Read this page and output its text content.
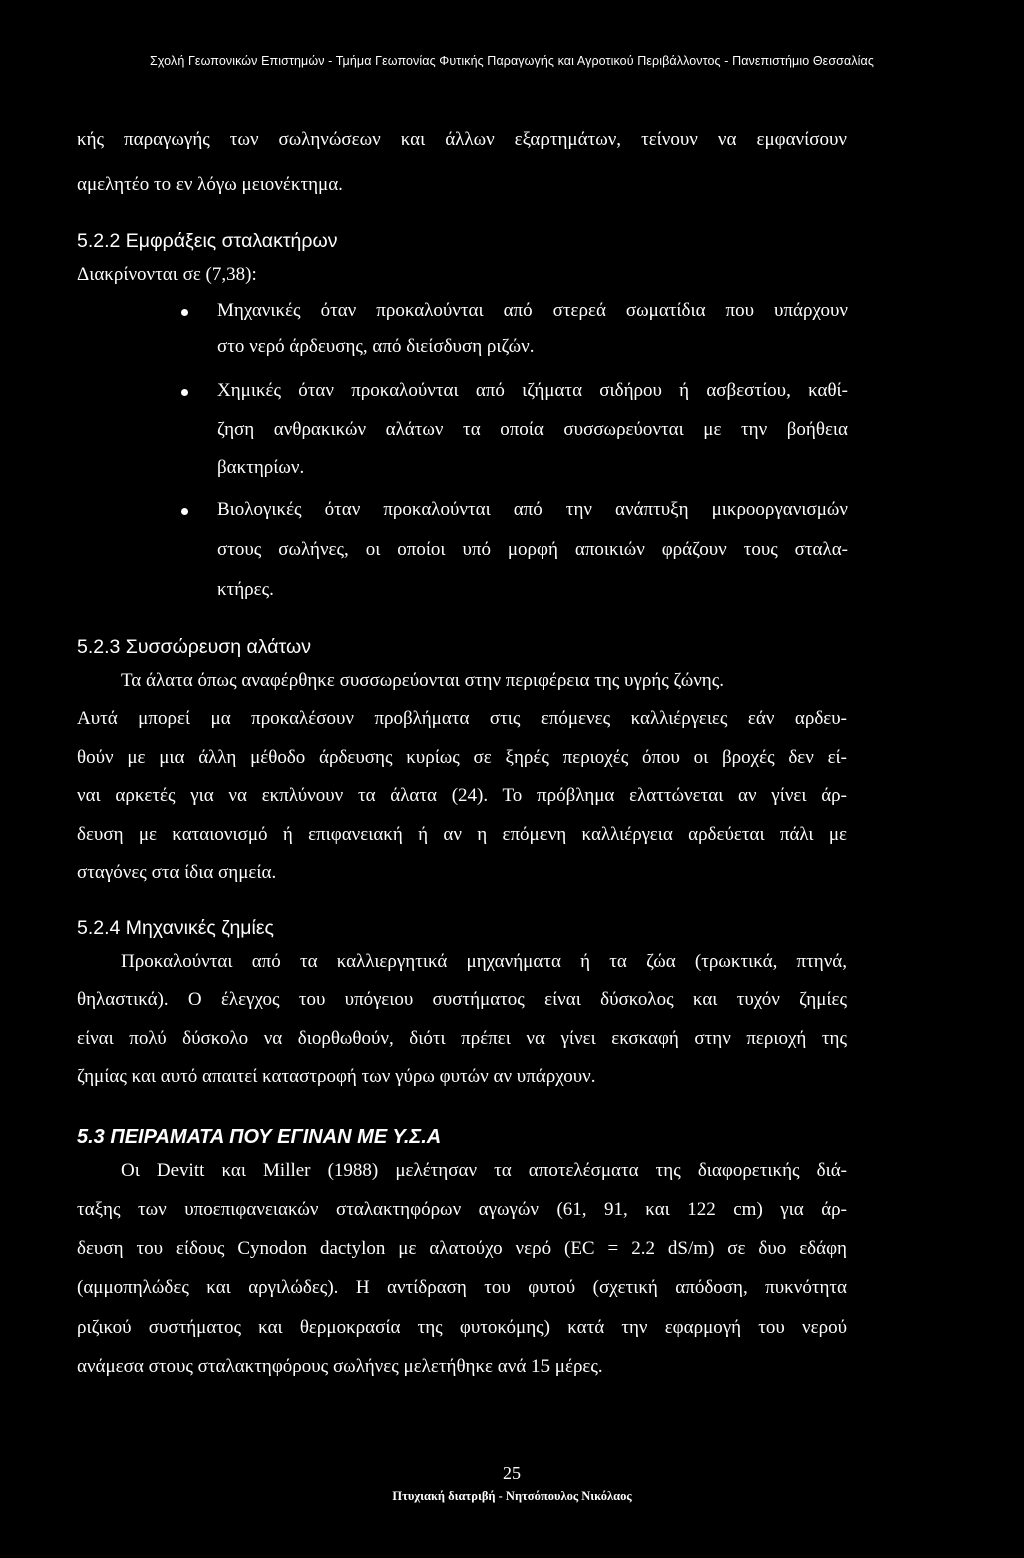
Σχολή Γεωπονικών Επιστημών - Τμήμα Γεωπονίας Φυτικής Παραγωγής και Αγροτικού Περιβάλλοντος - Πανεπιστήμιο Θεσσαλίας
κής παραγωγής των σωληνώσεων και άλλων εξαρτημάτων, τείνουν να εμφανίσουν
αμελητέο το εν λόγω μειονέκτημα.
5.2.2 Εμφράξεις σταλακτήρων
Διακρίνονται σε (7,38):
Μηχανικές όταν προκαλούνται από στερεά σωματίδια που υπάρχουν
στο νερό άρδευσης, από διείσδυση ριζών.
Χημικές όταν προκαλούνται από ιζήματα σιδήρου ή ασβεστίου, καθί-
ζηση ανθρακικών αλάτων τα οποία συσσωρεύονται με την βοήθεια
βακτηρίων.
Βιολογικές όταν προκαλούνται από την ανάπτυξη μικροοργανισμών
στους σωλήνες, οι οποίοι υπό μορφή αποικιών φράζουν τους σταλα-
κτήρες.
5.2.3 Συσσώρευση αλάτων
Τα άλατα όπως αναφέρθηκε συσσωρεύονται στην περιφέρεια της υγρής ζώνης.
Αυτά μπορεί μα προκαλέσουν προβλήματα στις επόμενες καλλιέργειες εάν αρδευ-
θούν με μια άλλη μέθοδο άρδευσης κυρίως σε ξηρές περιοχές όπου οι βροχές δεν εί-
ναι αρκετές για να εκπλύνουν τα άλατα (24). Το πρόβλημα ελαττώνεται αν γίνει άρ-
δευση με καταιονισμό ή επιφανειακή ή αν η επόμενη καλλιέργεια αρδεύεται πάλι με
σταγόνες στα ίδια σημεία.
5.2.4 Μηχανικές ζημίες
Προκαλούνται από τα καλλιεργητικά μηχανήματα ή τα ζώα (τρωκτικά, πτηνά,
θηλαστικά). Ο έλεγχος του υπόγειου συστήματος είναι δύσκολος και τυχόν ζημίες
είναι πολύ δύσκολο να διορθωθούν, διότι πρέπει να γίνει εκσκαφή στην περιοχή της
ζημίας και αυτό απαιτεί καταστροφή των γύρω φυτών αν υπάρχουν.
5.3 ΠΕΙΡΑΜΑΤΑ ΠΟΥ ΕΓΙΝΑΝ ΜΕ Υ.Σ.Α
Οι Devitt και Miller (1988) μελέτησαν τα αποτελέσματα της διαφορετικής διά-
ταξης των υποεπιφανειακών σταλακτηφόρων αγωγών (61, 91, και 122 cm) για άρ-
δευση του είδους Cynodon dactylon με αλατούχο νερό (EC = 2.2 dS/m) σε δυο εδάφη
(αμμοπηλώδες και αργιλώδες). Η αντίδραση του φυτού (σχετική απόδοση, πυκνότητα
ριζικού συστήματος και θερμοκρασία της φυτοκόμης) κατά την εφαρμογή του νερού
ανάμεσα στους σταλακτηφόρους σωλήνες μελετήθηκε ανά 15 μέρες.
25
Πτυχιακή διατριβή - Νητσόπουλος Νικόλαος
